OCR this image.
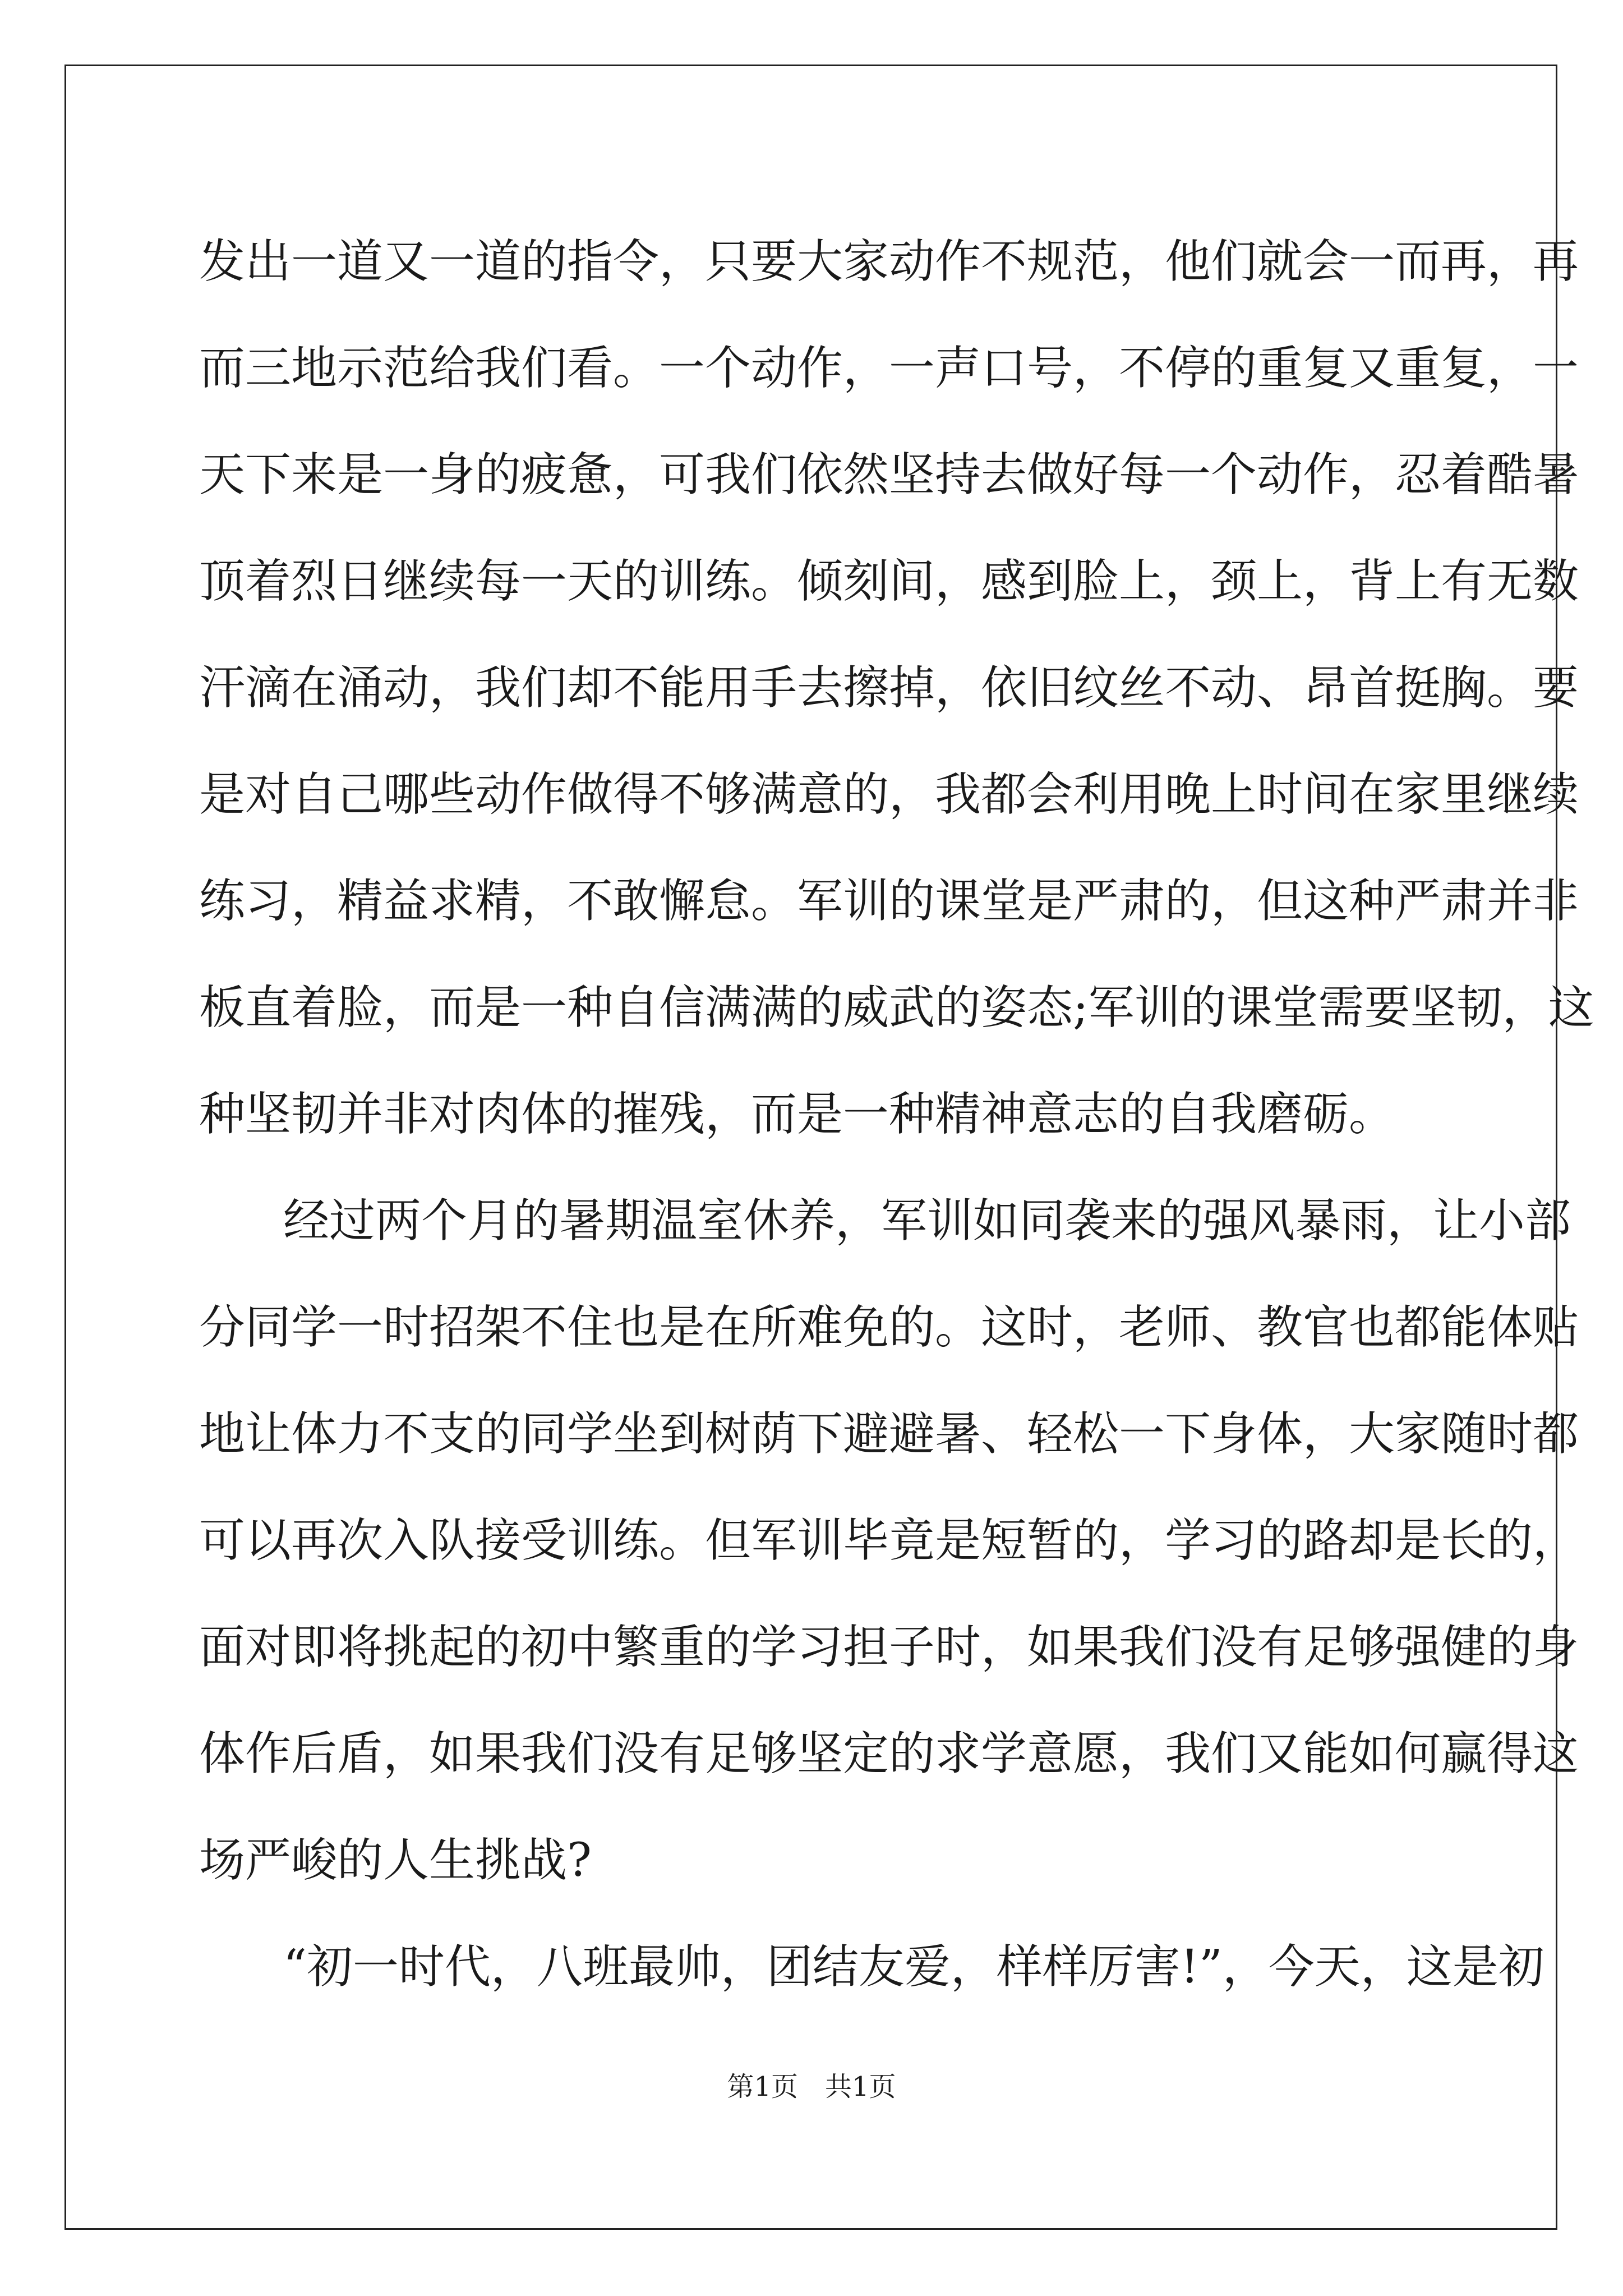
发出一道又一道的指令，只要大家动作不规范，他们就会一而再，再
而三地示范给我们看。一个动作，一声口号，不停的重复又重复，一
天下来是一身的疲惫，可我们依然坚持去做好每一个动作，忍着酷暑
顶着烈日继续每一天的训练。倾刻间，感到脸上，颈上，背上有无数
汗滴在涌动，我们却不能用手去擦掉，依旧纹丝不动、昂首挺胸。要
是对自己哪些动作做得不够满意的，我都会利用晚上时间在家里继续
练习，精益求精，不敢懈怠。军训的课堂是严肃的，但这种严肃并非
板直着脸，而是一种自信满满的威武的姿态;军训的课堂需要坚韧，这
种坚韧并非对肉体的摧残，而是一种精神意志的自我磨砺。
经过两个月的暑期温室休养，军训如同袭来的强风暴雨，让小部
分同学一时招架不住也是在所难免的。这时，老师、教官也都能体贴
地让体力不支的同学坐到树荫下避避暑、轻松一下身体，大家随时都
可以再次入队接受训练。但军训毕竟是短暂的，学习的路却是长的，
面对即将挑起的初中繁重的学习担子时，如果我们没有足够强健的身
体作后盾，如果我们没有足够坚定的求学意愿，我们又能如何赢得这
场严峻的人生挑战?
“初一时代，八班最帅，团结友爱，样样厉害!”，今天，这是初
第1页 共1页
